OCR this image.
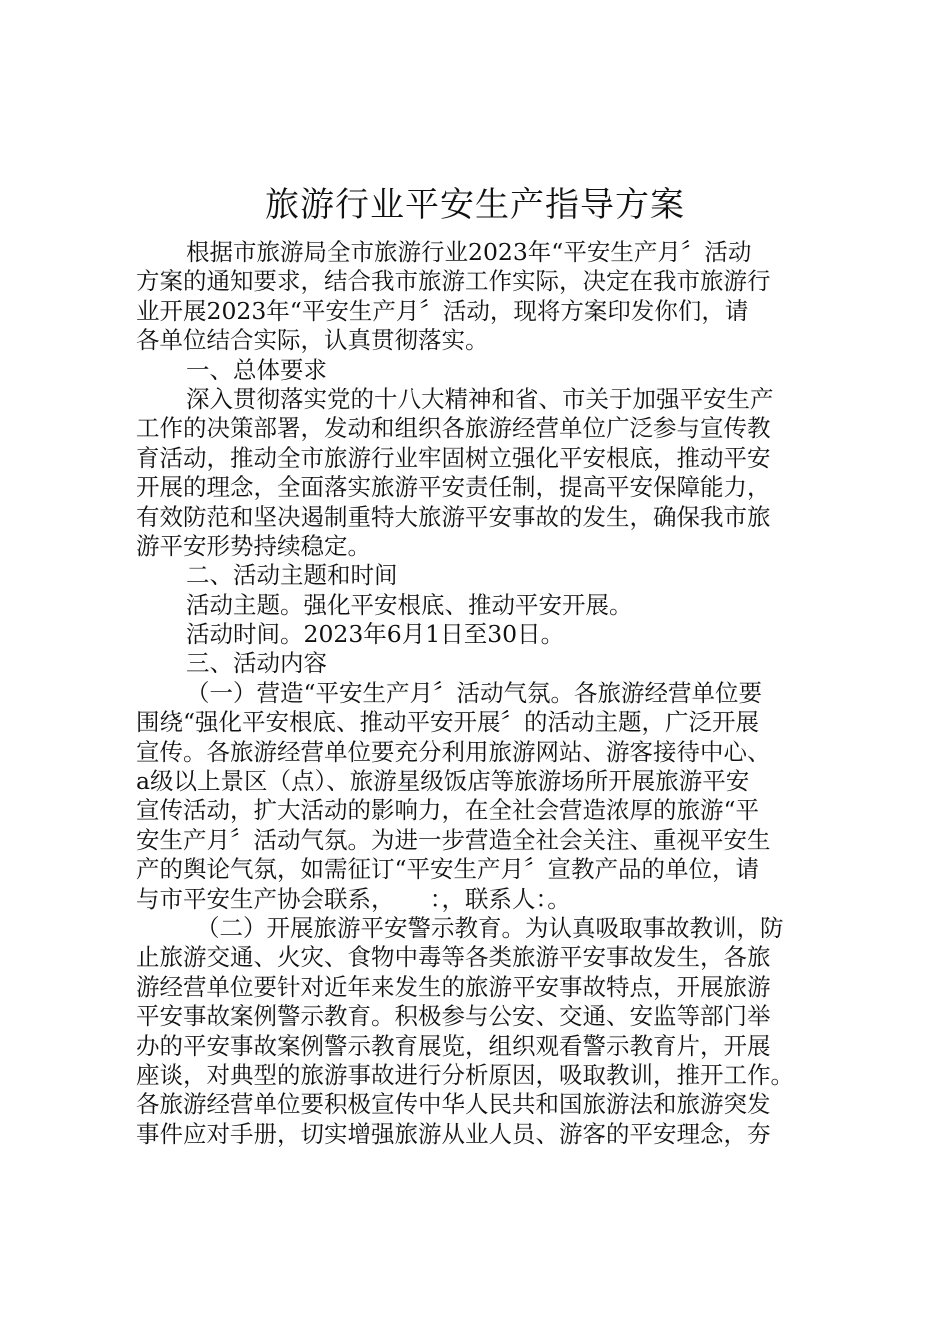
旅游行业平安生产指导方案
根据市旅游局全市旅游行业2023年“平安生产月〞活动
方案的通知要求，结合我市旅游工作实际，决定在我市旅游行
业开展2023年“平安生产月〞活动，现将方案印发你们，请
各单位结合实际，认真贯彻落实。
一、总体要求
深入贯彻落实党的十八大精神和省、市关于加强平安生产
工作的决策部署，发动和组织各旅游经营单位广泛参与宣传教
育活动，推动全市旅游行业牢固树立强化平安根底，推动平安
开展的理念，全面落实旅游平安责任制，提高平安保障能力，
有效防范和坚决遏制重特大旅游平安事故的发生，确保我市旅
游平安形势持续稳定。
二、活动主题和时间
活动主题。强化平安根底、推动平安开展。
活动时间。2023年6月1日至30日。
三、活动内容
（一）营造“平安生产月〞活动气氛。各旅游经营单位要
围绕“强化平安根底、推动平安开展〞的活动主题，广泛开展
宣传。各旅游经营单位要充分利用旅游网站、游客接待中心、
a级以上景区（点）、旅游星级饭店等旅游场所开展旅游平安
宣传活动，扩大活动的影响力，在全社会营造浓厚的旅游“平
安生产月〞活动气氛。为进一步营造全社会关注、重视平安生
产的舆论气氛，如需征订“平安生产月〞宣教产品的单位，请
与市平安生产协会联系，　　：，联系人：。
（二）开展旅游平安警示教育。为认真吸取事故教训，防
止旅游交通、火灾、食物中毒等各类旅游平安事故发生，各旅
游经营单位要针对近年来发生的旅游平安事故特点，开展旅游
平安事故案例警示教育。积极参与公安、交通、安监等部门举
办的平安事故案例警示教育展览，组织观看警示教育片，开展
座谈，对典型的旅游事故进行分析原因，吸取教训，推开工作。
各旅游经营单位要积极宣传中华人民共和国旅游法和旅游突发
事件应对手册，切实增强旅游从业人员、游客的平安理念，夯
